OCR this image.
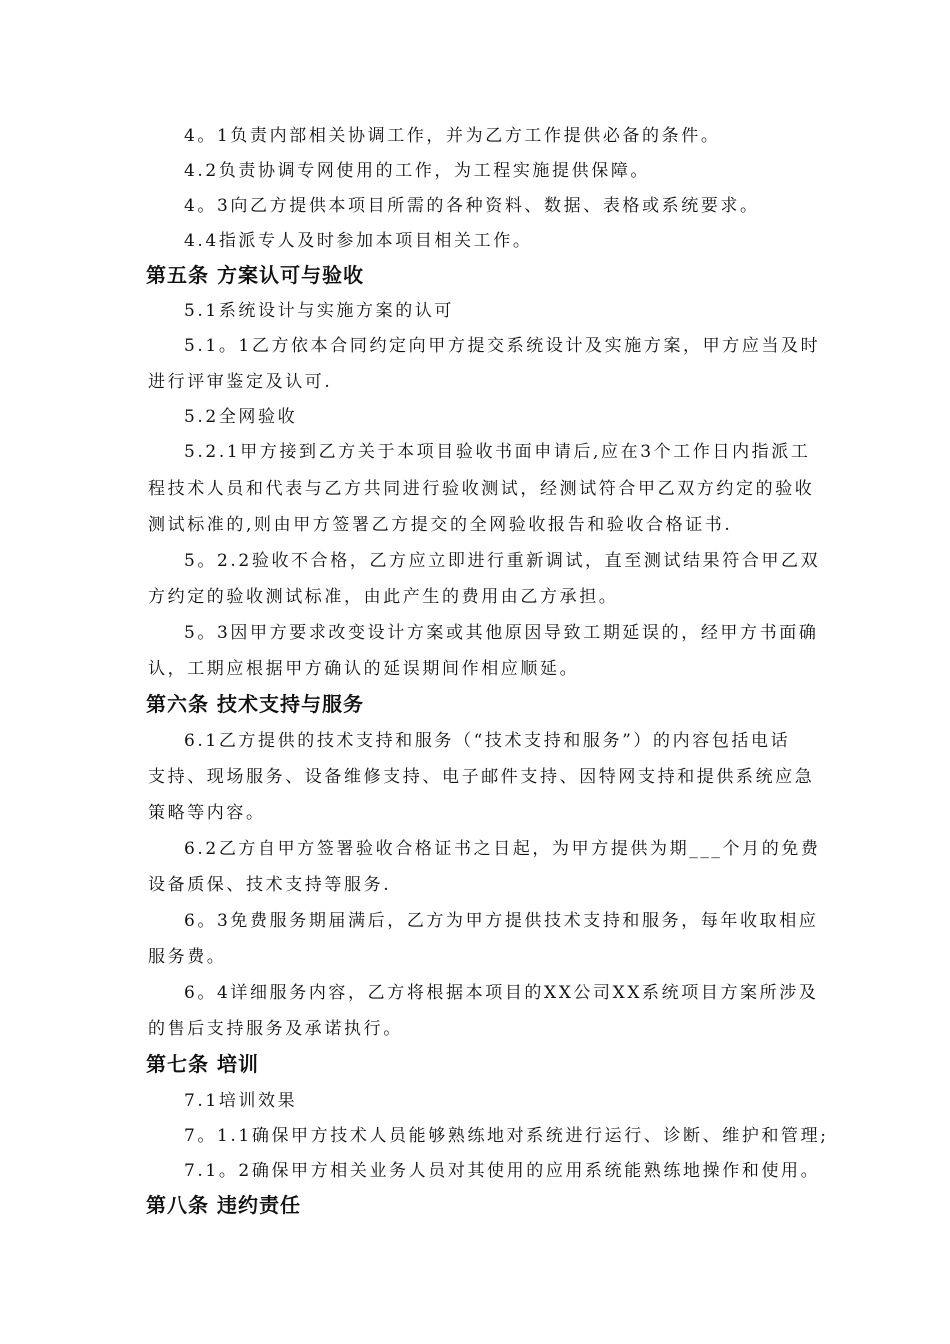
4。1负责内部相关协调工作，并为乙方工作提供必备的条件。
4.2负责协调专网使用的工作，为工程实施提供保障。
4。3向乙方提供本项目所需的各种资料、数据、表格或系统要求。
4.4指派专人及时参加本项目相关工作。
第五条 方案认可与验收
5.1系统设计与实施方案的认可
5.1。1乙方依本合同约定向甲方提交系统设计及实施方案，甲方应当及时
进行评审鉴定及认可.
5.2全网验收
5.2.1甲方接到乙方关于本项目验收书面申请后,应在3个工作日内指派工
程技术人员和代表与乙方共同进行验收测试，经测试符合甲乙双方约定的验收
测试标准的,则由甲方签署乙方提交的全网验收报告和验收合格证书.
5。2.2验收不合格，乙方应立即进行重新调试，直至测试结果符合甲乙双
方约定的验收测试标准，由此产生的费用由乙方承担。
5。3因甲方要求改变设计方案或其他原因导致工期延误的，经甲方书面确
认，工期应根据甲方确认的延误期间作相应顺延。
第六条 技术支持与服务
6.1乙方提供的技术支持和服务（“技术支持和服务”）的内容包括电话
支持、现场服务、设备维修支持、电子邮件支持、因特网支持和提供系统应急
策略等内容。
6.2乙方自甲方签署验收合格证书之日起，为甲方提供为期___个月的免费
设备质保、技术支持等服务.
6。3免费服务期届满后，乙方为甲方提供技术支持和服务，每年收取相应
服务费。
6。4详细服务内容，乙方将根据本项目的XX公司XX系统项目方案所涉及
的售后支持服务及承诺执行。
第七条 培训
7.1培训效果
7。1.1确保甲方技术人员能够熟练地对系统进行运行、诊断、维护和管理;
7.1。2确保甲方相关业务人员对其使用的应用系统能熟练地操作和使用。
第八条 违约责任
